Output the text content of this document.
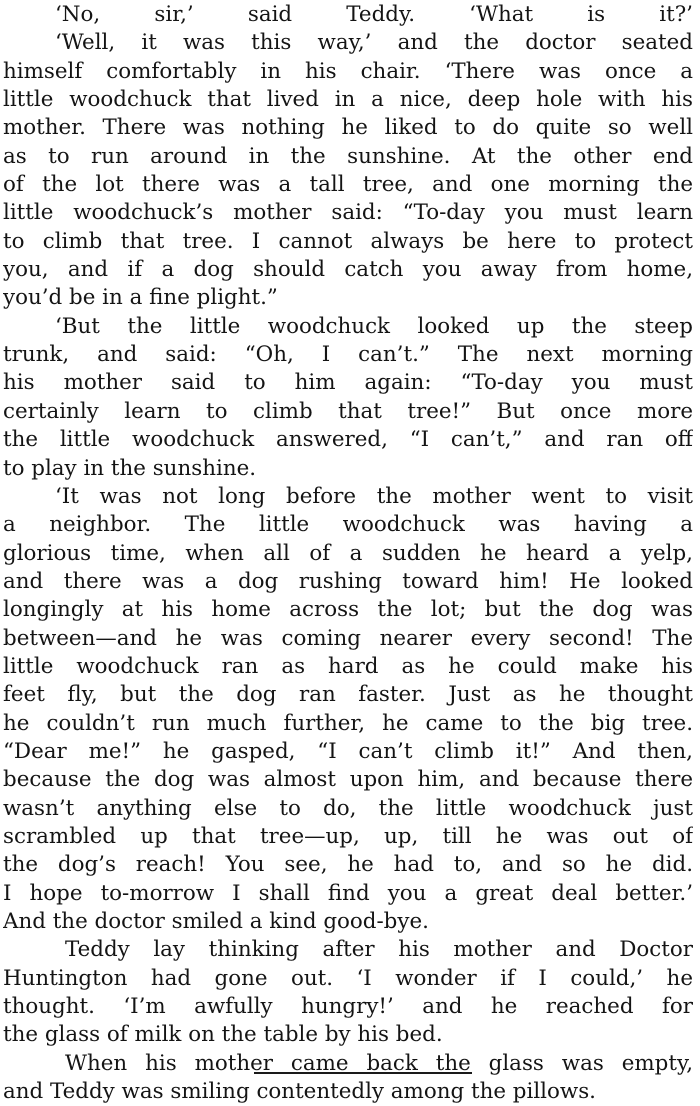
‘No, sir,’ said Teddy. ‘What is it?’
‘Well, it was this way,’ and the doctor seated
himself comfortably in his chair. ‘There was once a
little woodchuck that lived in a nice, deep hole with his
mother. There was nothing he liked to do quite so well
as to run around in the sunshine. At the other end
of the lot there was a tall tree, and one morning the
little woodchuck’s mother said: “To-day you must learn
to climb that tree. I cannot always be here to protect
you, and if a dog should catch you away from home,
you’d be in a fine plight.”
‘But the little woodchuck looked up the steep
trunk, and said: “Oh, I can’t.” The next morning
his mother said to him again: “To-day you must
certainly learn to climb that tree!” But once more
the little woodchuck answered, “I can’t,” and ran off
to play in the sunshine.
‘It was not long before the mother went to visit
a neighbor. The little woodchuck was having a
glorious time, when all of a sudden he heard a yelp,
and there was a dog rushing toward him! He looked
longingly at his home across the lot; but the dog was
between—and he was coming nearer every second! The
little woodchuck ran as hard as he could make his
feet fly, but the dog ran faster. Just as he thought
he couldn’t run much further, he came to the big tree.
“Dear me!” he gasped, “I can’t climb it!” And then,
because the dog was almost upon him, and because there
wasn’t anything else to do, the little woodchuck just
scrambled up that tree—up, up, till he was out of
the dog’s reach! You see, he had to, and so he did.
I hope to-morrow I shall find you a great deal better.’
And the doctor smiled a kind good-bye.
Teddy lay thinking after his mother and Doctor
Huntington had gone out. ‘I wonder if I could,’ he
thought. ‘I’m awfully hungry!’ and he reached for
the glass of milk on the table by his bed.
When his mother came back the glass was empty,
and Teddy was smiling contentedly among the pillows.
